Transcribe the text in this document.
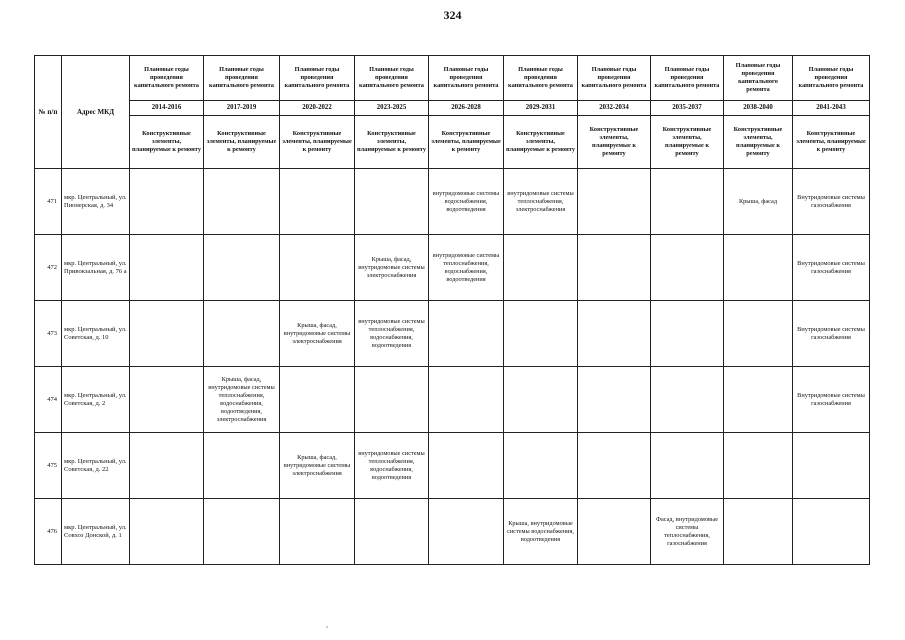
324
№ п/п	Адрес МКД	Плановые годы проведения капитального ремонта	Плановые годы проведения капитального ремонта	Плановые годы проведения капитального ремонта	Плановые годы проведения капитального ремонта	Плановые годы проведения капитального ремонта	Плановые годы проведения капитального ремонта	Плановые годы проведения капитального ремонта	Плановые годы проведения капитального ремонта	Плановые годы проведения капитального ремонта	Плановые годы проведения капитального ремонта
		2014-2016	2017-2019	2020-2022	2023-2025	2026-2028	2029-2031	2032-2034	2035-2037	2038-2040	2041-2043
		Конструктивные элементы, планируемые к ремонту	Конструктивные элементы, планируемые к ремонту	Конструктивные элементы, планируемые к ремонту	Конструктивные элементы, планируемые к ремонту	Конструктивные элементы, планируемые к ремонту	Конструктивные элементы, планируемые к ремонту	Конструктивные элементы, планируемые к ремонту	Конструктивные элементы, планируемые к ремонту	Конструктивные элементы, планируемые к ремонту	Конструктивные элементы, планируемые к ремонту
471	мкр. Центральный, ул. Пионерская, д. 34					внутридомовые системы водоснабжения, водоотведения	внутридомовые системы теплоснабжения, электроснабжения			Крыша, фасад	Внутридомовые системы газоснабжения
472	мкр. Центральный, ул. Привокзальная, д. 76 а				Крыша, фасад, внутридомовые системы электроснабжения	внутридомовые системы теплоснабжения, водоснабжения, водоотведения					Внутридомовые системы газоснабжения
473	мкр. Центральный, ул. Советская, д. 10			Крыша, фасад, внутридомовые системы электроснабжения	внутридомовые системы теплоснабжения, водоснабжения, водоотведения						Внутридомовые системы газоснабжения
474	мкр. Центральный, ул. Советская, д. 2		Крыша, фасад, внутридомовые системы теплоснабжения, водоснабжения, водоотведения, электроснабжения								Внутридомовые системы газоснабжения
475	мкр. Центральный, ул. Советская, д. 22			Крыша, фасад, внутридомовые системы электроснабжения	внутридомовые системы теплоснабжения, водоснабжения, водоотведения						
476	мкр. Центральный, ул. Совхоз Донской, д. 1						Крыша, внутридомовые системы водоснабжения, водоотведения		Фасад, внутридомовые системы теплоснабжения, газоснабжения		
